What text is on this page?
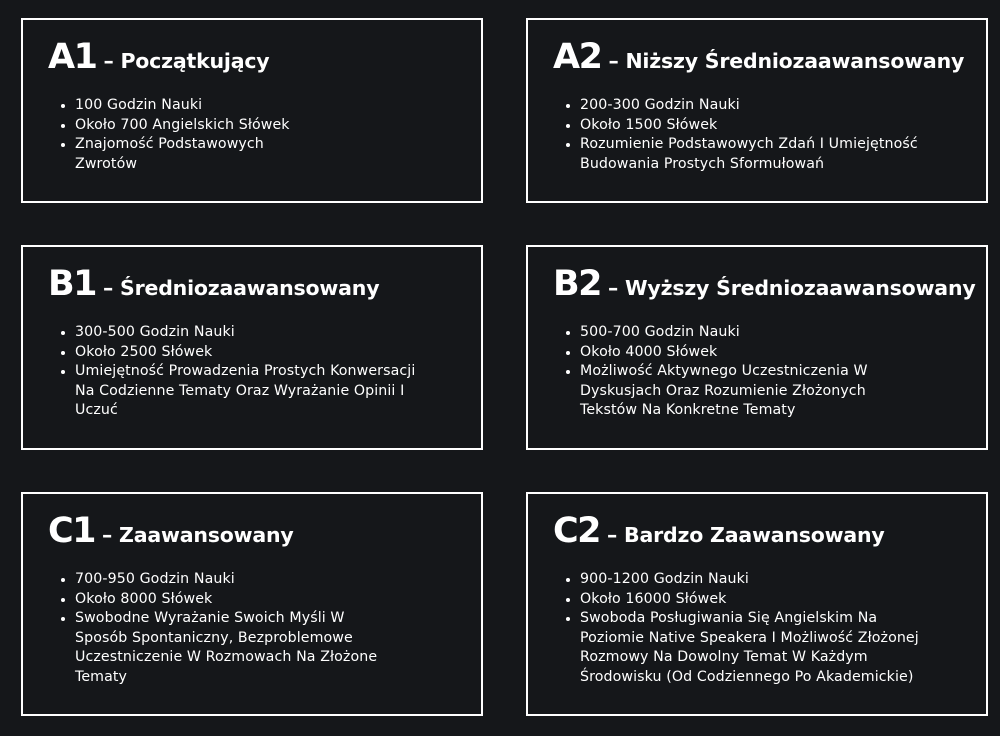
A1 – Początkujący
100 Godzin Nauki
Około 700 Angielskich Słówek
Znajomość Podstawowych
Zwrotów
A2 – Niższy Średniozaawansowany
200-300 Godzin Nauki
Około 1500 Słówek
Rozumienie Podstawowych Zdań I Umiejętność
Budowania Prostych Sformułowań
B1 – Średniozaawansowany
300-500 Godzin Nauki
Około 2500 Słówek
Umiejętność Prowadzenia Prostych Konwersacji
Na Codzienne Tematy Oraz Wyrażanie Opinii I
Uczuć
B2 – Wyższy Średniozaawansowany
500-700 Godzin Nauki
Około 4000 Słówek
Możliwość Aktywnego Uczestniczenia W
Dyskusjach Oraz Rozumienie Złożonych
Tekstów Na Konkretne Tematy
C1 – Zaawansowany
700-950 Godzin Nauki
Około 8000 Słówek
Swobodne Wyrażanie Swoich Myśli W
Sposób Spontaniczny, Bezproblemowe
Uczestniczenie W Rozmowach Na Złożone
Tematy
C2 – Bardzo Zaawansowany
900-1200 Godzin Nauki
Około 16000 Słówek
Swoboda Posługiwania Się Angielskim Na
Poziomie Native Speakera I Możliwość Złożonej
Rozmowy Na Dowolny Temat W Każdym
Środowisku (Od Codziennego Po Akademickie)
